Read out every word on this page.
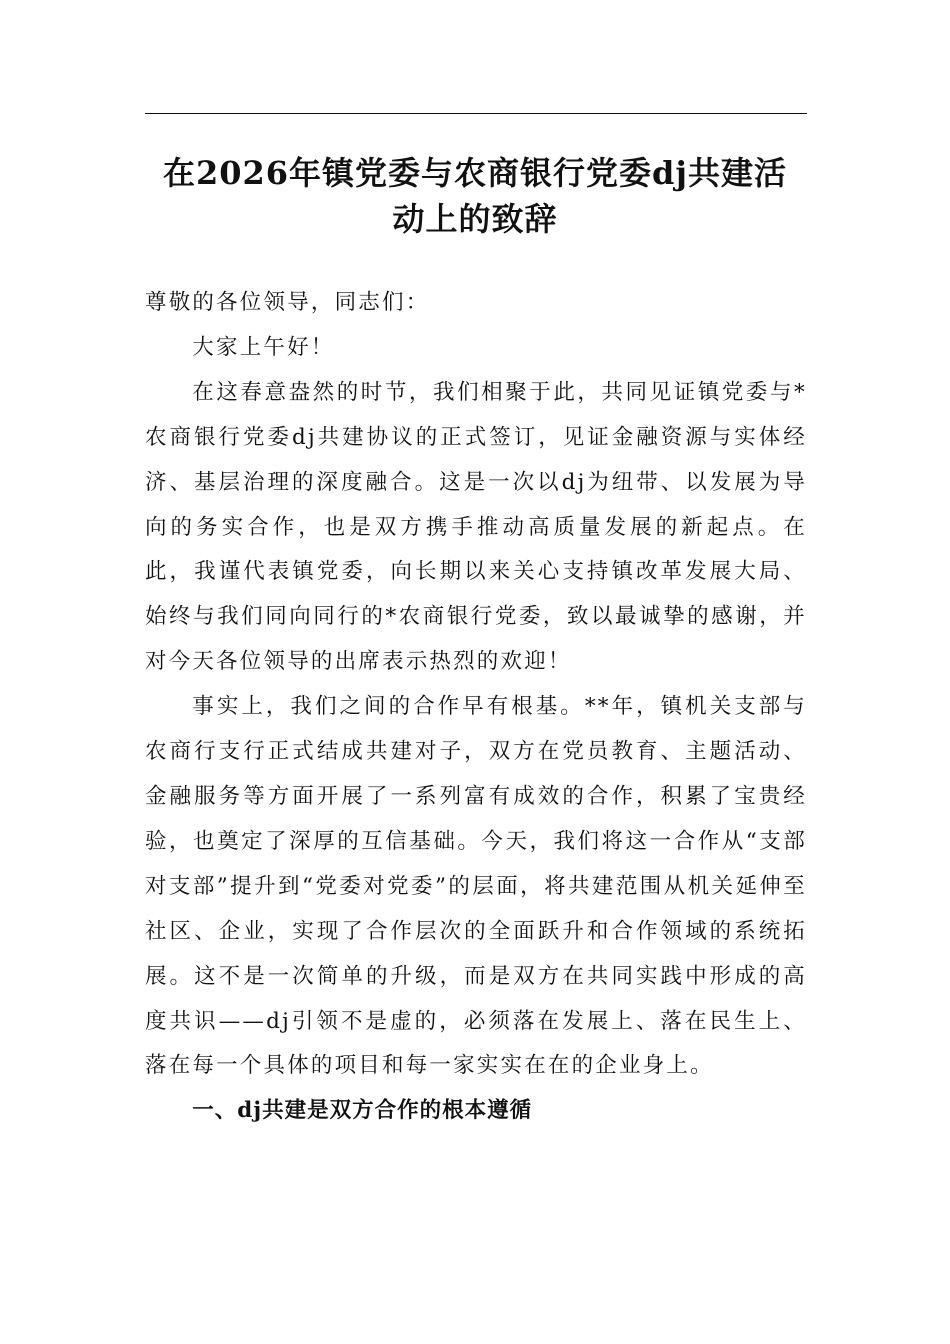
在2026年镇党委与农商银行党委dj共建活
动上的致辞

尊敬的各位领导，同志们：

大家上午好！

在这春意盎然的时节，我们相聚于此，共同见证镇党委与*农商银行党委dj共建协议的正式签订，见证金融资源与实体经济、基层治理的深度融合。这是一次以dj为纽带、以发展为导向的务实合作，也是双方携手推动高质量发展的新起点。在此，我谨代表镇党委，向长期以来关心支持镇改革发展大局、始终与我们同向同行的*农商银行党委，致以最诚挚的感谢，并对今天各位领导的出席表示热烈的欢迎！

事实上，我们之间的合作早有根基。**年，镇机关支部与农商行支行正式结成共建对子，双方在党员教育、主题活动、金融服务等方面开展了一系列富有成效的合作，积累了宝贵经验，也奠定了深厚的互信基础。今天，我们将这一合作从“支部对支部”提升到“党委对党委”的层面，将共建范围从机关延伸至社区、企业，实现了合作层次的全面跃升和合作领域的系统拓展。这不是一次简单的升级，而是双方在共同实践中形成的高度共识——dj引领不是虚的，必须落在发展上、落在民生上、落在每一个具体的项目和每一家实实在在的企业身上。

一、dj共建是双方合作的根本遵循
